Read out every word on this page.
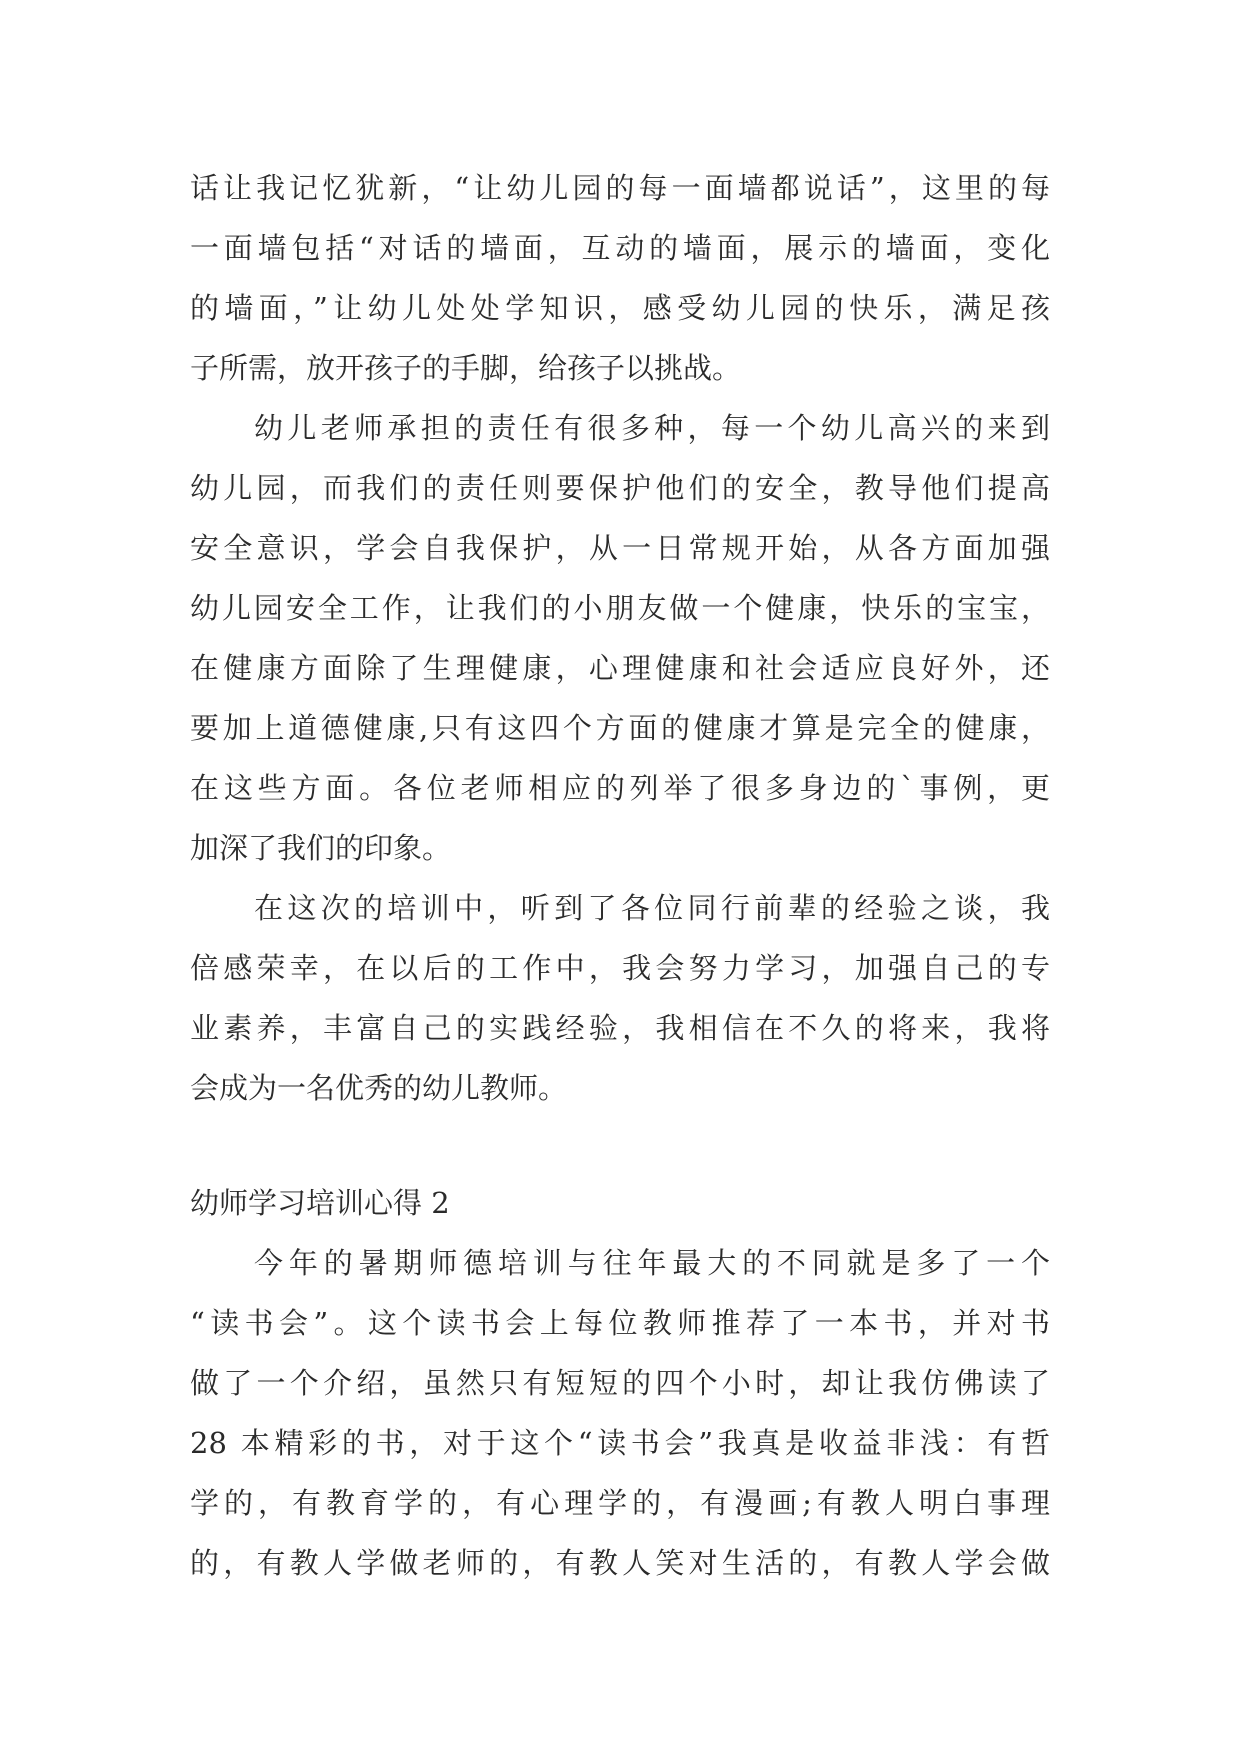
话让我记忆犹新，“让幼儿园的每一面墙都说话”，这里的每
一面墙包括“对话的墙面，互动的墙面，展示的墙面，变化
的墙面，”让幼儿处处学知识，感受幼儿园的快乐，满足孩
子所需，放开孩子的手脚，给孩子以挑战。
幼儿老师承担的责任有很多种，每一个幼儿高兴的来到
幼儿园，而我们的责任则要保护他们的安全，教导他们提高
安全意识，学会自我保护，从一日常规开始，从各方面加强
幼儿园安全工作，让我们的小朋友做一个健康，快乐的宝宝，
在健康方面除了生理健康，心理健康和社会适应良好外，还
要加上道德健康,只有这四个方面的健康才算是完全的健康，
在这些方面。各位老师相应的列举了很多身边的`事例，更
加深了我们的印象。
在这次的培训中，听到了各位同行前辈的经验之谈，我
倍感荣幸，在以后的工作中，我会努力学习，加强自己的专
业素养，丰富自己的实践经验，我相信在不久的将来，我将
会成为一名优秀的幼儿教师。
幼师学习培训心得 2
今年的暑期师德培训与往年最大的不同就是多了一个
“读书会”。这个读书会上每位教师推荐了一本书，并对书
做了一个介绍，虽然只有短短的四个小时，却让我仿佛读了
28 本精彩的书，对于这个“读书会”我真是收益非浅：有哲
学的，有教育学的，有心理学的，有漫画;有教人明白事理
的，有教人学做老师的，有教人笑对生活的，有教人学会做
